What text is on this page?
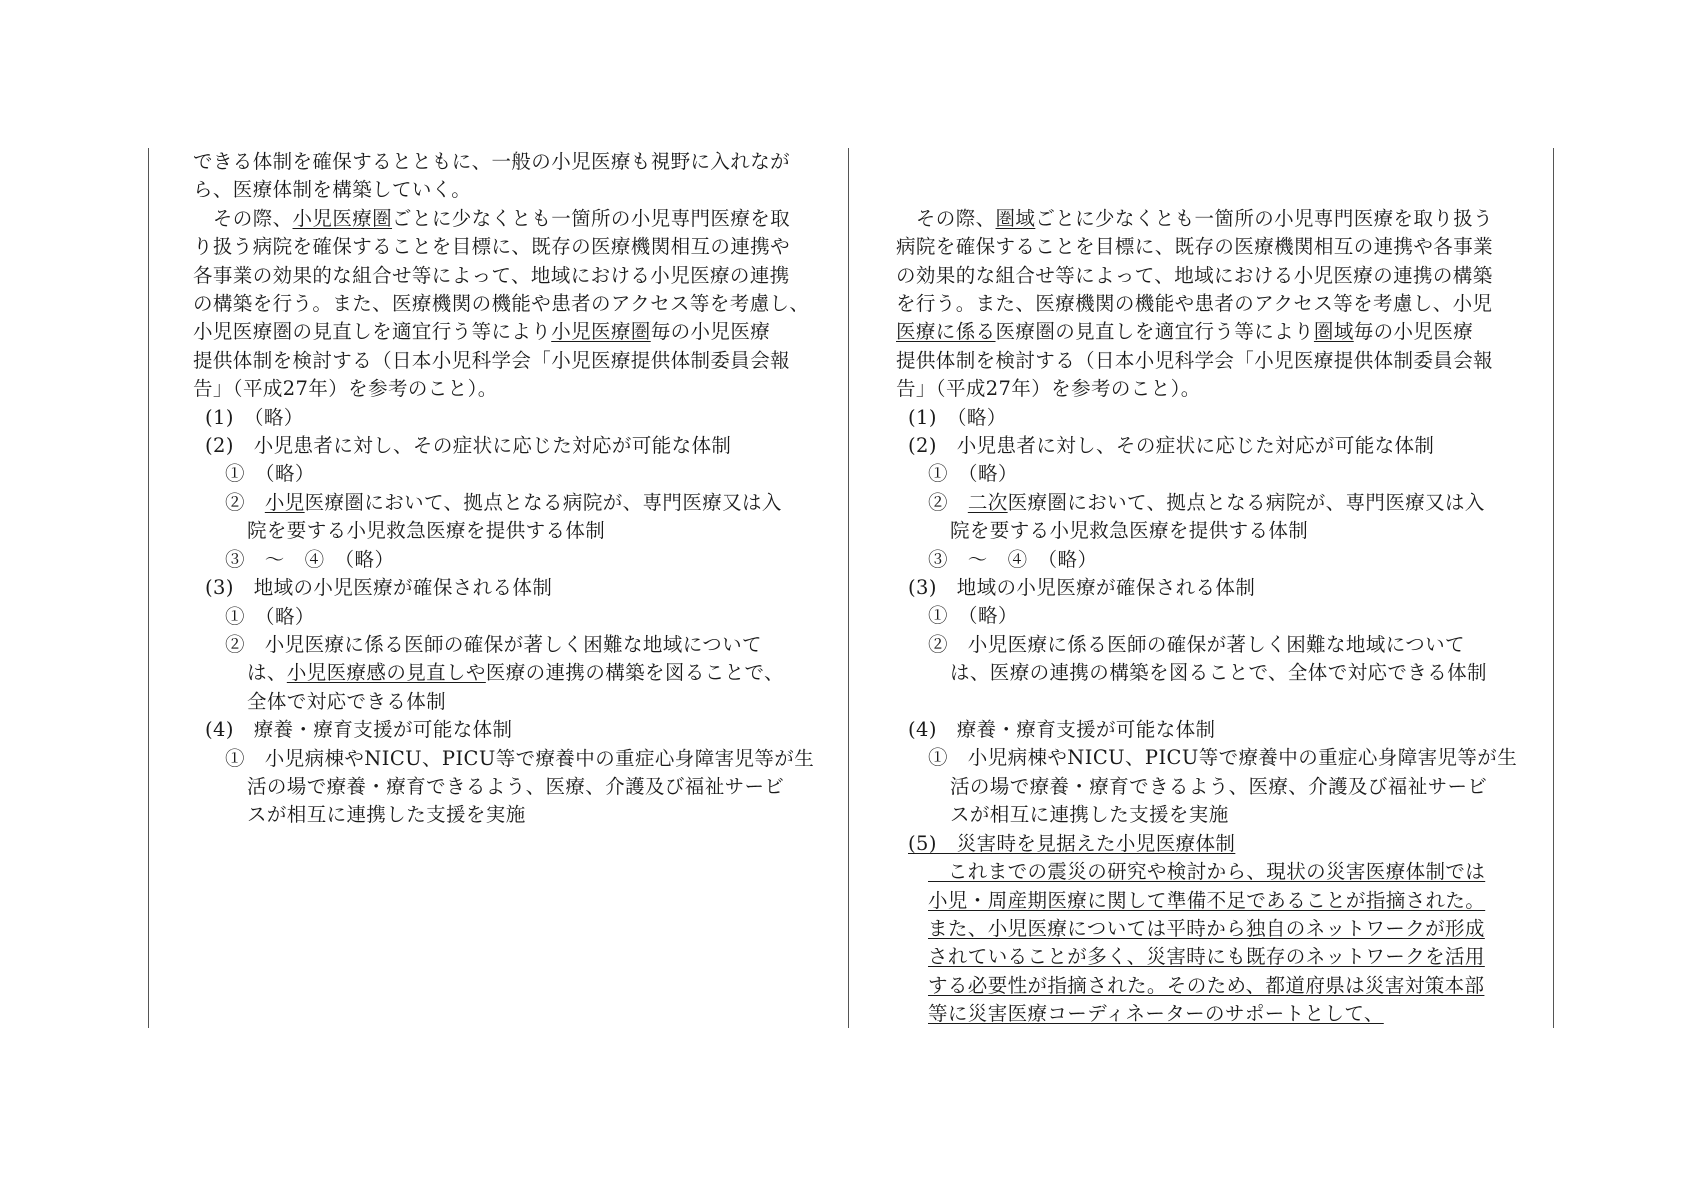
できる体制を確保するとともに、一般の小児医療も視野に入れなが

ら、医療体制を構築していく。

　その際、小児医療圏ごとに少なくとも一箇所の小児専門医療を取

り扱う病院を確保することを目標に、既存の医療機関相互の連携や

各事業の効果的な組合せ等によって、地域における小児医療の連携

の構築を行う。また、医療機関の機能や患者のアクセス等を考慮し、

小児医療圏の見直しを適宜行う等により小児医療圏毎の小児医療

提供体制を検討する（日本小児科学会「小児医療提供体制委員会報

告」（平成27年）を参考のこと）。

(1)　（略）

(2)　小児患者に対し、その症状に応じた対応が可能な体制

①　（略）

②　小児医療圏において、拠点となる病院が、専門医療又は入

院を要する小児救急医療を提供する体制

③　～　④　（略）

(3)　地域の小児医療が確保される体制

①　（略）

②　小児医療に係る医師の確保が著しく困難な地域について

は、小児医療感の見直しや医療の連携の構築を図ることで、

全体で対応できる体制

(4)　療養・療育支援が可能な体制

①　小児病棟やNICU、PICU等で療養中の重症心身障害児等が生

活の場で療養・療育できるよう、医療、介護及び福祉サービ

スが相互に連携した支援を実施

　その際、圏域ごとに少なくとも一箇所の小児専門医療を取り扱う

病院を確保することを目標に、既存の医療機関相互の連携や各事業

の効果的な組合せ等によって、地域における小児医療の連携の構築

を行う。また、医療機関の機能や患者のアクセス等を考慮し、小児

医療に係る医療圏の見直しを適宜行う等により圏域毎の小児医療

提供体制を検討する（日本小児科学会「小児医療提供体制委員会報

告」（平成27年）を参考のこと）。

(1)　（略）

(2)　小児患者に対し、その症状に応じた対応が可能な体制

①　（略）

②　二次医療圏において、拠点となる病院が、専門医療又は入

院を要する小児救急医療を提供する体制

③　～　④　（略）

(3)　地域の小児医療が確保される体制

①　（略）

②　小児医療に係る医師の確保が著しく困難な地域について

は、医療の連携の構築を図ることで、全体で対応できる体制

(4)　療養・療育支援が可能な体制

①　小児病棟やNICU、PICU等で療養中の重症心身障害児等が生

活の場で療養・療育できるよう、医療、介護及び福祉サービ

スが相互に連携した支援を実施

(5)　災害時を見据えた小児医療体制

　これまでの震災の研究や検討から、現状の災害医療体制では

小児・周産期医療に関して準備不足であることが指摘された。

また、小児医療については平時から独自のネットワークが形成

されていることが多く、災害時にも既存のネットワークを活用

する必要性が指摘された。そのため、都道府県は災害対策本部

等に災害医療コーディネーターのサポートとして、
